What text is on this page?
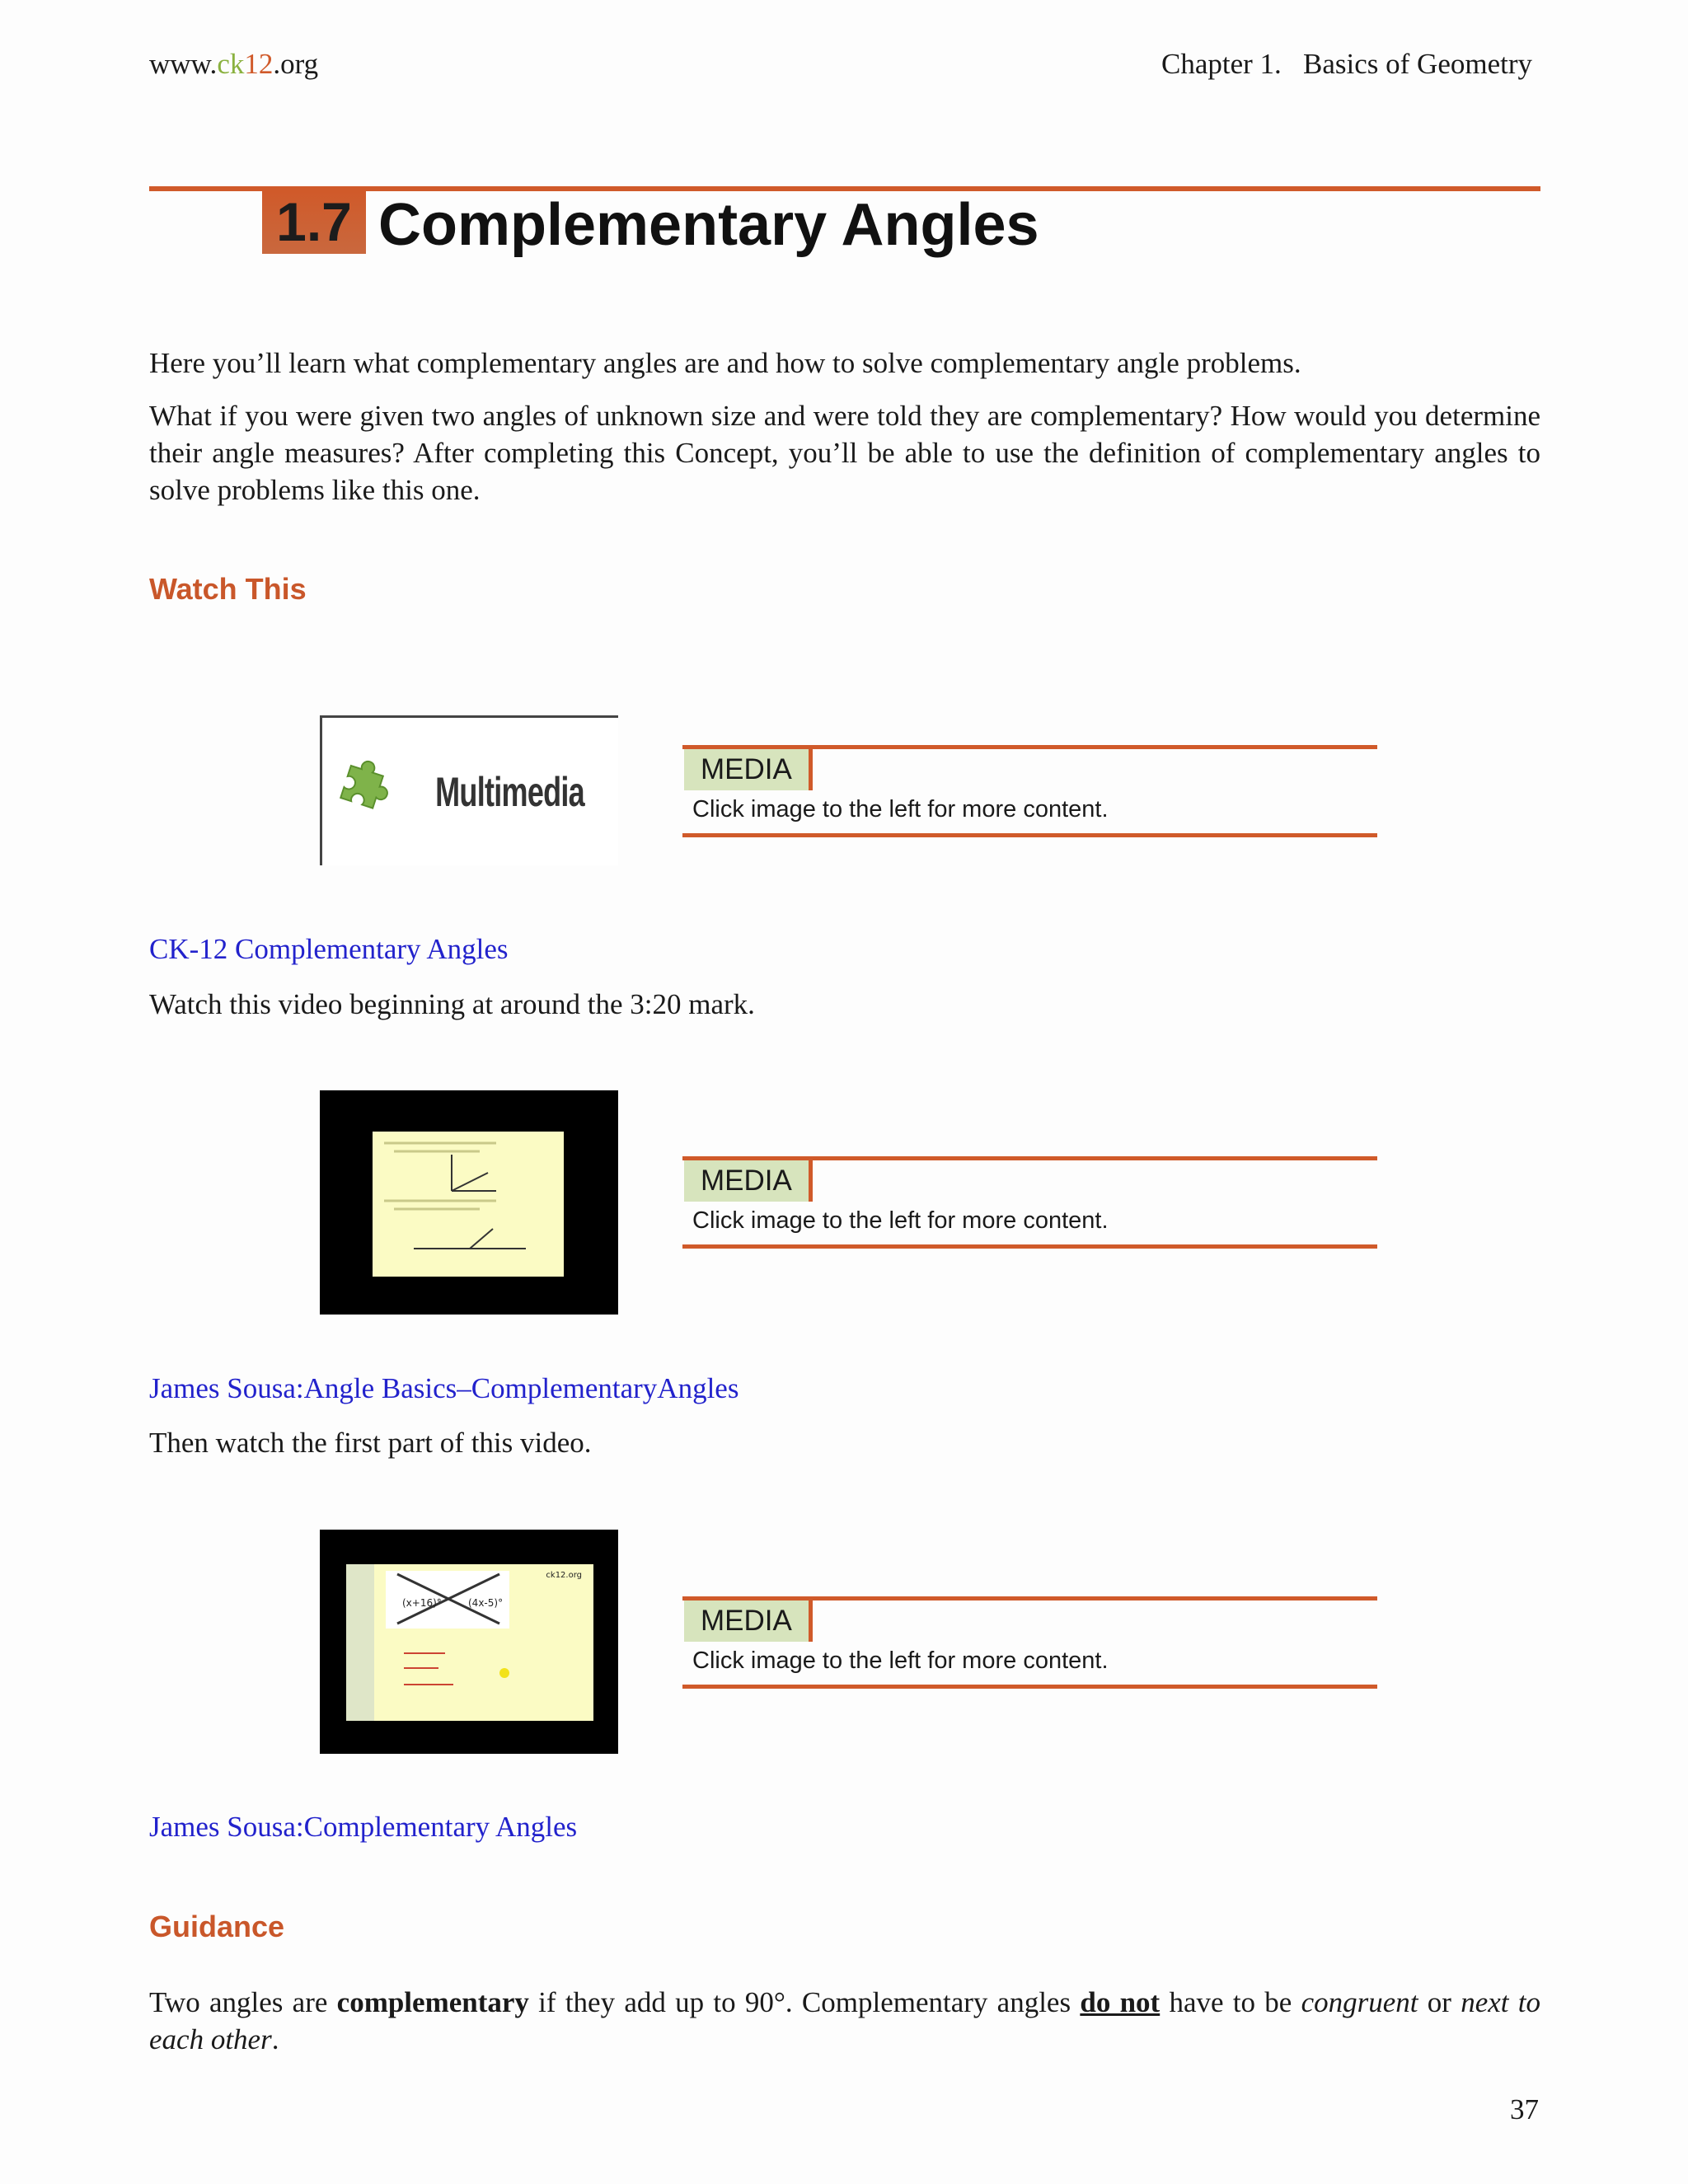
www.ck12.org	Chapter 1.   Basics of Geometry
1.7 Complementary Angles
Here you’ll learn what complementary angles are and how to solve complementary angle problems.
What if you were given two angles of unknown size and were told they are complementary? How would you determine their angle measures? After completing this Concept, you’ll be able to use the definition of complementary angles to solve problems like this one.
Watch This
Multimedia	MEDIA
Click image to the left for more content.
CK-12 Complementary Angles
Watch this video beginning at around the 3:20 mark.
MEDIA
Click image to the left for more content.
James Sousa:Angle Basics–ComplementaryAngles
Then watch the first part of this video.
(x+16)°	(4x-5)°
ck12.org
MEDIA
Click image to the left for more content.
James Sousa:Complementary Angles
Guidance
Two angles are complementary if they add up to 90°. Complementary angles do not have to be congruent or next to each other.
37
